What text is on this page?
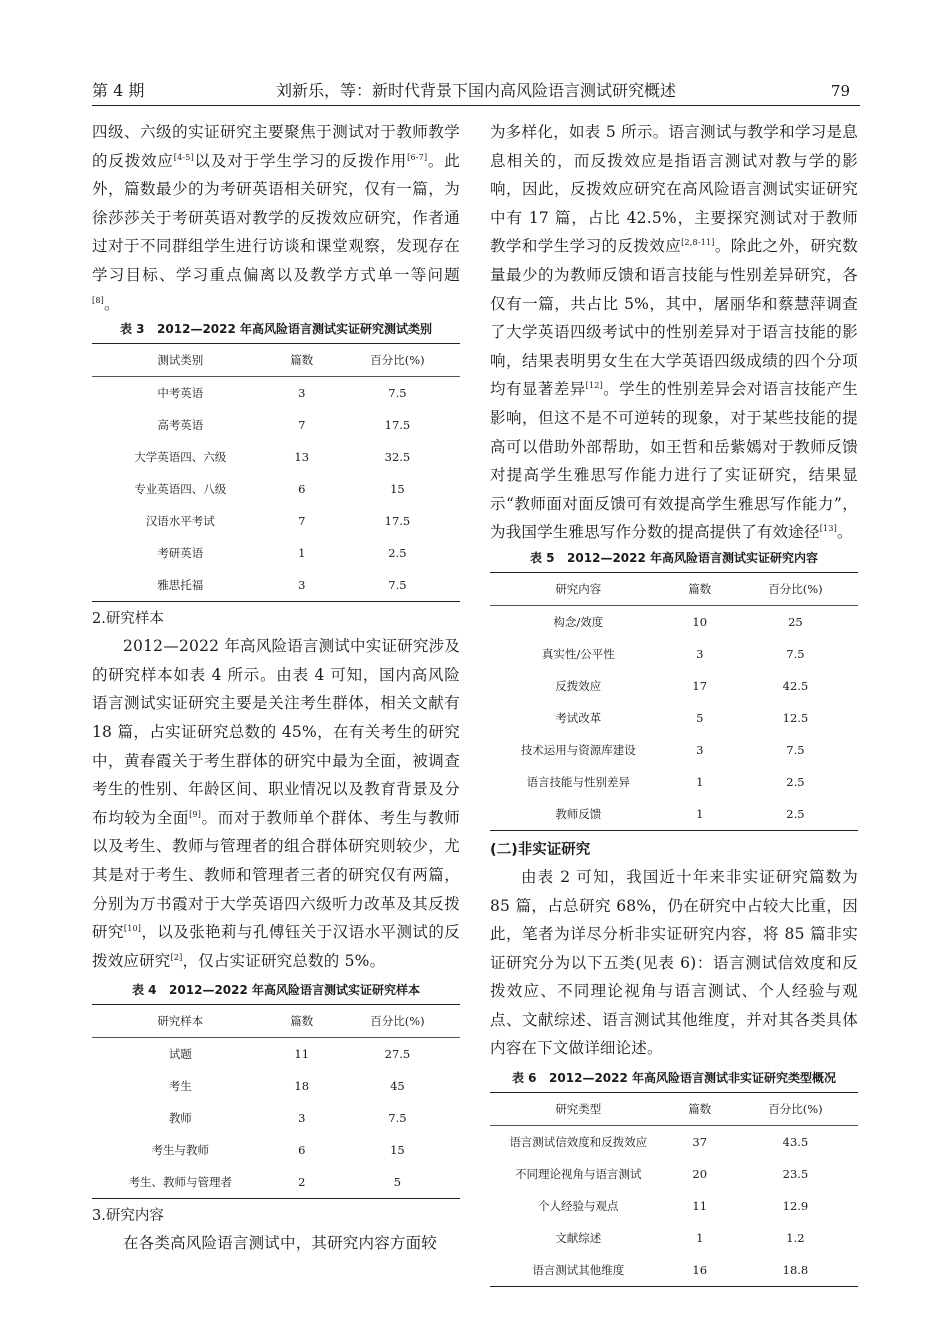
第 4 期	刘新乐，等：新时代背景下国内高风险语言测试研究概述	79

四级、六级的实证研究主要聚焦于测试对于教师教学的反拨效应[4-5]以及对于学生学习的反拨作用[6-7]。此外，篇数最少的为考研英语相关研究，仅有一篇，为徐莎莎关于考研英语对教学的反拨效应研究，作者通过对于不同群组学生进行访谈和课堂观察，发现存在学习目标、学习重点偏离以及教学方式单一等问题[8]。

表 3 2012—2022 年高风险语言测试实证研究测试类别
测试类别	篇数	百分比(%)
中考英语	3	7.5
高考英语	7	17.5
大学英语四、六级	13	32.5
专业英语四、八级	6	15
汉语水平考试	7	17.5
考研英语	1	2.5
雅思托福	3	7.5
2.研究样本

2012—2022 年高风险语言测试中实证研究涉及的研究样本如表 4 所示。由表 4 可知，国内高风险语言测试实证研究主要是关注考生群体，相关文献有 18 篇，占实证研究总数的 45%，在有关考生的研究中，黄春霞关于考生群体的研究中最为全面，被调查考生的性别、年龄区间、职业情况以及教育背景及分布均较为全面[9]。而对于教师单个群体、考生与教师以及考生、教师与管理者的组合群体研究则较少，尤其是对于考生、教师和管理者三者的研究仅有两篇，分别为万书霞对于大学英语四六级听力改革及其反拨研究[10]，以及张艳莉与孔傅钰关于汉语水平测试的反拨效应研究[2]，仅占实证研究总数的 5%。

表 4 2012—2022 年高风险语言测试实证研究样本
研究样本	篇数	百分比(%)
试题	11	27.5
考生	18	45
教师	3	7.5
考生与教师	6	15
考生、教师与管理者	2	5
3.研究内容

在各类高风险语言测试中，其研究内容方面较

为多样化，如表 5 所示。语言测试与教学和学习是息息相关的，而反拨效应是指语言测试对教与学的影响，因此，反拨效应研究在高风险语言测试实证研究中有 17 篇，占比 42.5%，主要探究测试对于教师教学和学生学习的反拨效应[2,8-11]。除此之外，研究数量最少的为教师反馈和语言技能与性别差异研究，各仅有一篇，共占比 5%，其中，屠丽华和蔡慧萍调查了大学英语四级考试中的性别差异对于语言技能的影响，结果表明男女生在大学英语四级成绩的四个分项均有显著差异[12]。学生的性别差异会对语言技能产生影响，但这不是不可逆转的现象，对于某些技能的提高可以借助外部帮助，如王哲和岳紫嫣对于教师反馈对提高学生雅思写作能力进行了实证研究，结果显示“教师面对面反馈可有效提高学生雅思写作能力”，为我国学生雅思写作分数的提高提供了有效途径[13]。

表 5 2012—2022 年高风险语言测试实证研究内容
研究内容	篇数	百分比(%)
构念/效度	10	25
真实性/公平性	3	7.5
反拨效应	17	42.5
考试改革	5	12.5
技术运用与资源库建设	3	7.5
语言技能与性别差异	1	2.5
教师反馈	1	2.5
(二)非实证研究

由表 2 可知，我国近十年来非实证研究篇数为 85 篇，占总研究 68%，仍在研究中占较大比重，因此，笔者为详尽分析非实证研究内容，将 85 篇非实证研究分为以下五类(见表 6)：语言测试信效度和反拨效应、不同理论视角与语言测试、个人经验与观点、文献综述、语言测试其他维度，并对其各类具体内容在下文做详细论述。

表 6 2012—2022 年高风险语言测试非实证研究类型概况
研究类型	篇数	百分比(%)
语言测试信效度和反拨效应	37	43.5
不同理论视角与语言测试	20	23.5
个人经验与观点	11	12.9
文献综述	1	1.2
语言测试其他维度	16	18.8
